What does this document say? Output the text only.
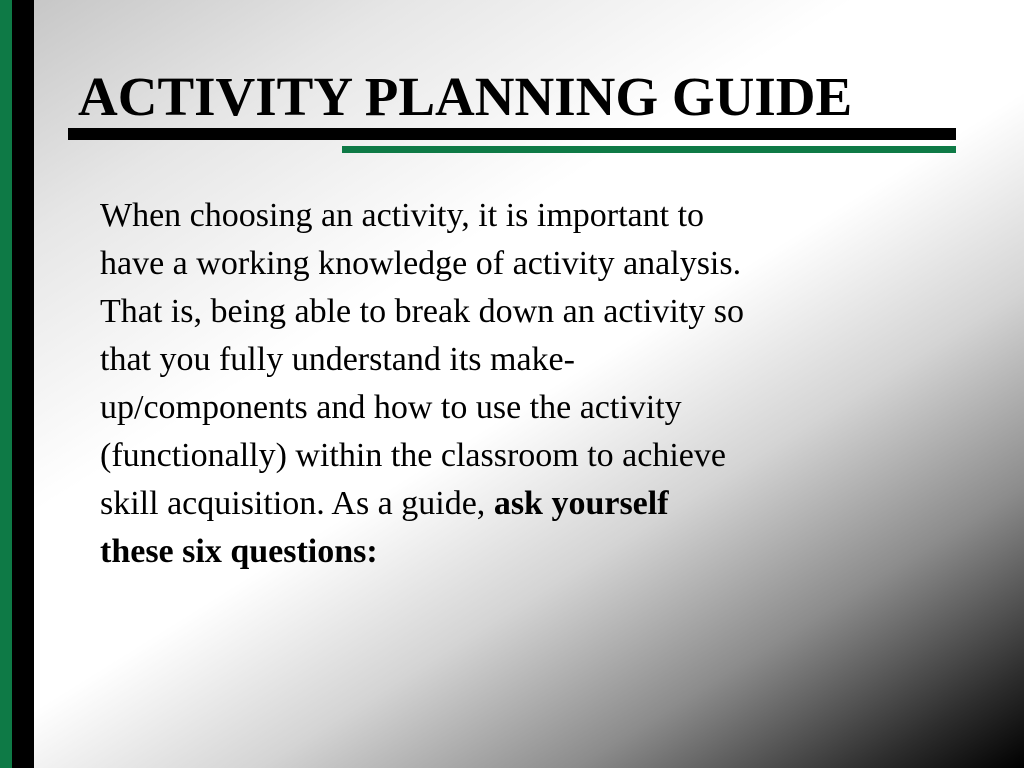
ACTIVITY PLANNING GUIDE

When choosing an activity, it is important to
have a working knowledge of activity analysis.
That is, being able to break down an activity so
that you fully understand its make-
up/components and how to use the activity
(functionally) within the classroom to achieve
skill acquisition. As a guide, ask yourself
these six questions:
